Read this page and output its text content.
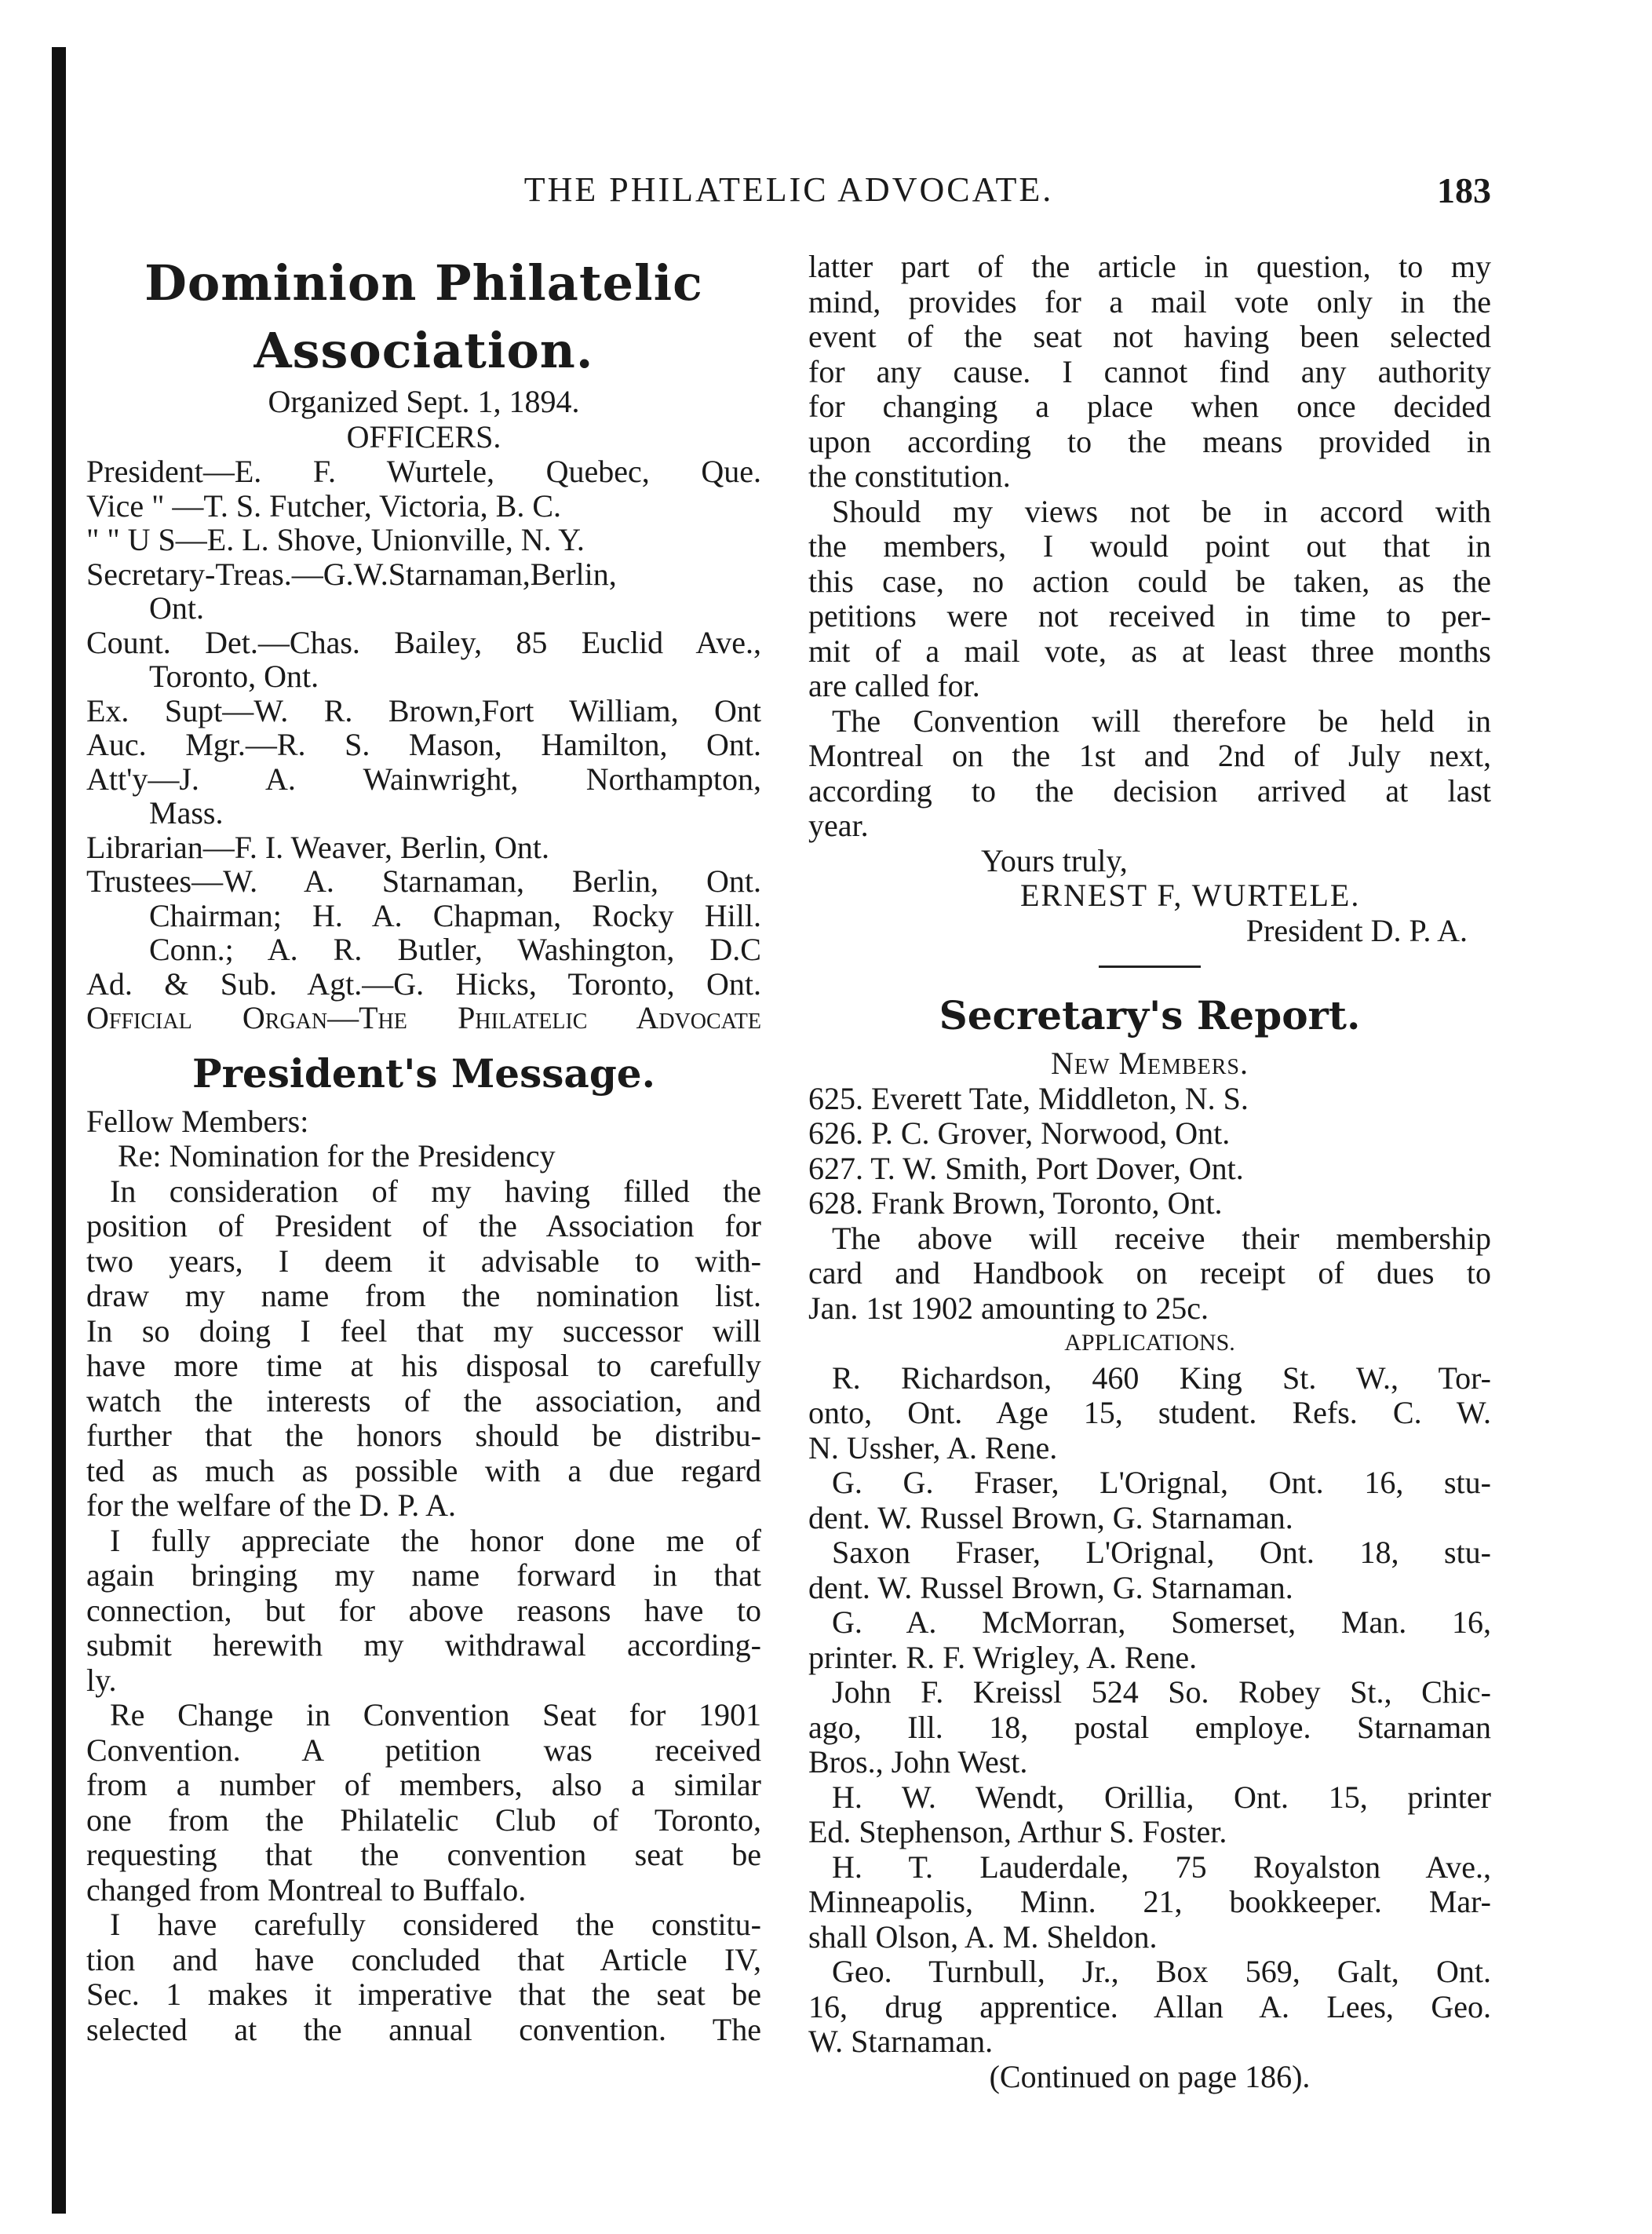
THE PHILATELIC ADVOCATE.	183
Dominion Philatelic
Association.

Organized Sept. 1, 1894.

OFFICERS.

President—E. F. Wurtele, Quebec, Que.

Vice " —T. S. Futcher, Victoria, B. C.

" " U S—E. L. Shove, Unionville, N. Y.

Secretary-Treas.—G.W.Starnaman,Berlin,

Ont.

Count. Det.—Chas. Bailey, 85 Euclid Ave.,

Toronto, Ont.

Ex. Supt—W. R. Brown,Fort William, Ont

Auc. Mgr.—R. S. Mason, Hamilton, Ont.

Att'y—J. A. Wainwright, Northampton,

Mass.

Librarian—F. I. Weaver, Berlin, Ont.

Trustees—W. A. Starnaman, Berlin, Ont.

Chairman; H. A. Chapman, Rocky Hill.

Conn.; A. R. Butler, Washington, D.C

Ad. & Sub. Agt.—G. Hicks, Toronto, Ont.

Official Organ—The Philatelic Advocate

President's Message.

Fellow Members:

Re: Nomination for the Presidency

In consideration of my having filled the

position of President of the Association for

two years, I deem it advisable to with-

draw my name from the nomination list.

In so doing I feel that my successor will

have more time at his disposal to carefully

watch the interests of the association, and

further that the honors should be distribu-

ted as much as possible with a due regard

for the welfare of the D. P. A.

I fully appreciate the honor done me of

again bringing my name forward in that

connection, but for above reasons have to

submit herewith my withdrawal according-

ly.

Re Change in Convention Seat for 1901

Convention. A petition was received

from a number of members, also a similar

one from the Philatelic Club of Toronto,

requesting that the convention seat be

changed from Montreal to Buffalo.

I have carefully considered the constitu-

tion and have concluded that Article IV,

Sec. 1 makes it imperative that the seat be

selected at the annual convention. The

latter part of the article in question, to my

mind, provides for a mail vote only in the

event of the seat not having been selected

for any cause. I cannot find any authority

for changing a place when once decided

upon according to the means provided in

the constitution.

Should my views not be in accord with

the members, I would point out that in

this case, no action could be taken, as the

petitions were not received in time to per-

mit of a mail vote, as at least three months

are called for.

The Convention will therefore be held in

Montreal on the 1st and 2nd of July next,

according to the decision arrived at last

year.

Yours truly,

ERNEST F, WURTELE.

President D. P. A.

Secretary's Report.

New Members.

625. Everett Tate, Middleton, N. S.

626. P. C. Grover, Norwood, Ont.

627. T. W. Smith, Port Dover, Ont.

628. Frank Brown, Toronto, Ont.

The above will receive their membership

card and Handbook on receipt of dues to

Jan. 1st 1902 amounting to 25c.

APPLICATIONS.

R. Richardson, 460 King St. W., Tor-

onto, Ont. Age 15, student. Refs. C. W.

N. Ussher, A. Rene.

G. G. Fraser, L'Orignal, Ont. 16, stu-

dent. W. Russel Brown, G. Starnaman.

Saxon Fraser, L'Orignal, Ont. 18, stu-

dent. W. Russel Brown, G. Starnaman.

G. A. McMorran, Somerset, Man. 16,

printer. R. F. Wrigley, A. Rene.

John F. Kreissl 524 So. Robey St., Chic-

ago, Ill. 18, postal employe. Starnaman

Bros., John West.

H. W. Wendt, Orillia, Ont. 15, printer

Ed. Stephenson, Arthur S. Foster.

H. T. Lauderdale, 75 Royalston Ave.,

Minneapolis, Minn. 21, bookkeeper. Mar-

shall Olson, A. M. Sheldon.

Geo. Turnbull, Jr., Box 569, Galt, Ont.

16, drug apprentice. Allan A. Lees, Geo.

W. Starnaman.

(Continued on page 186).
